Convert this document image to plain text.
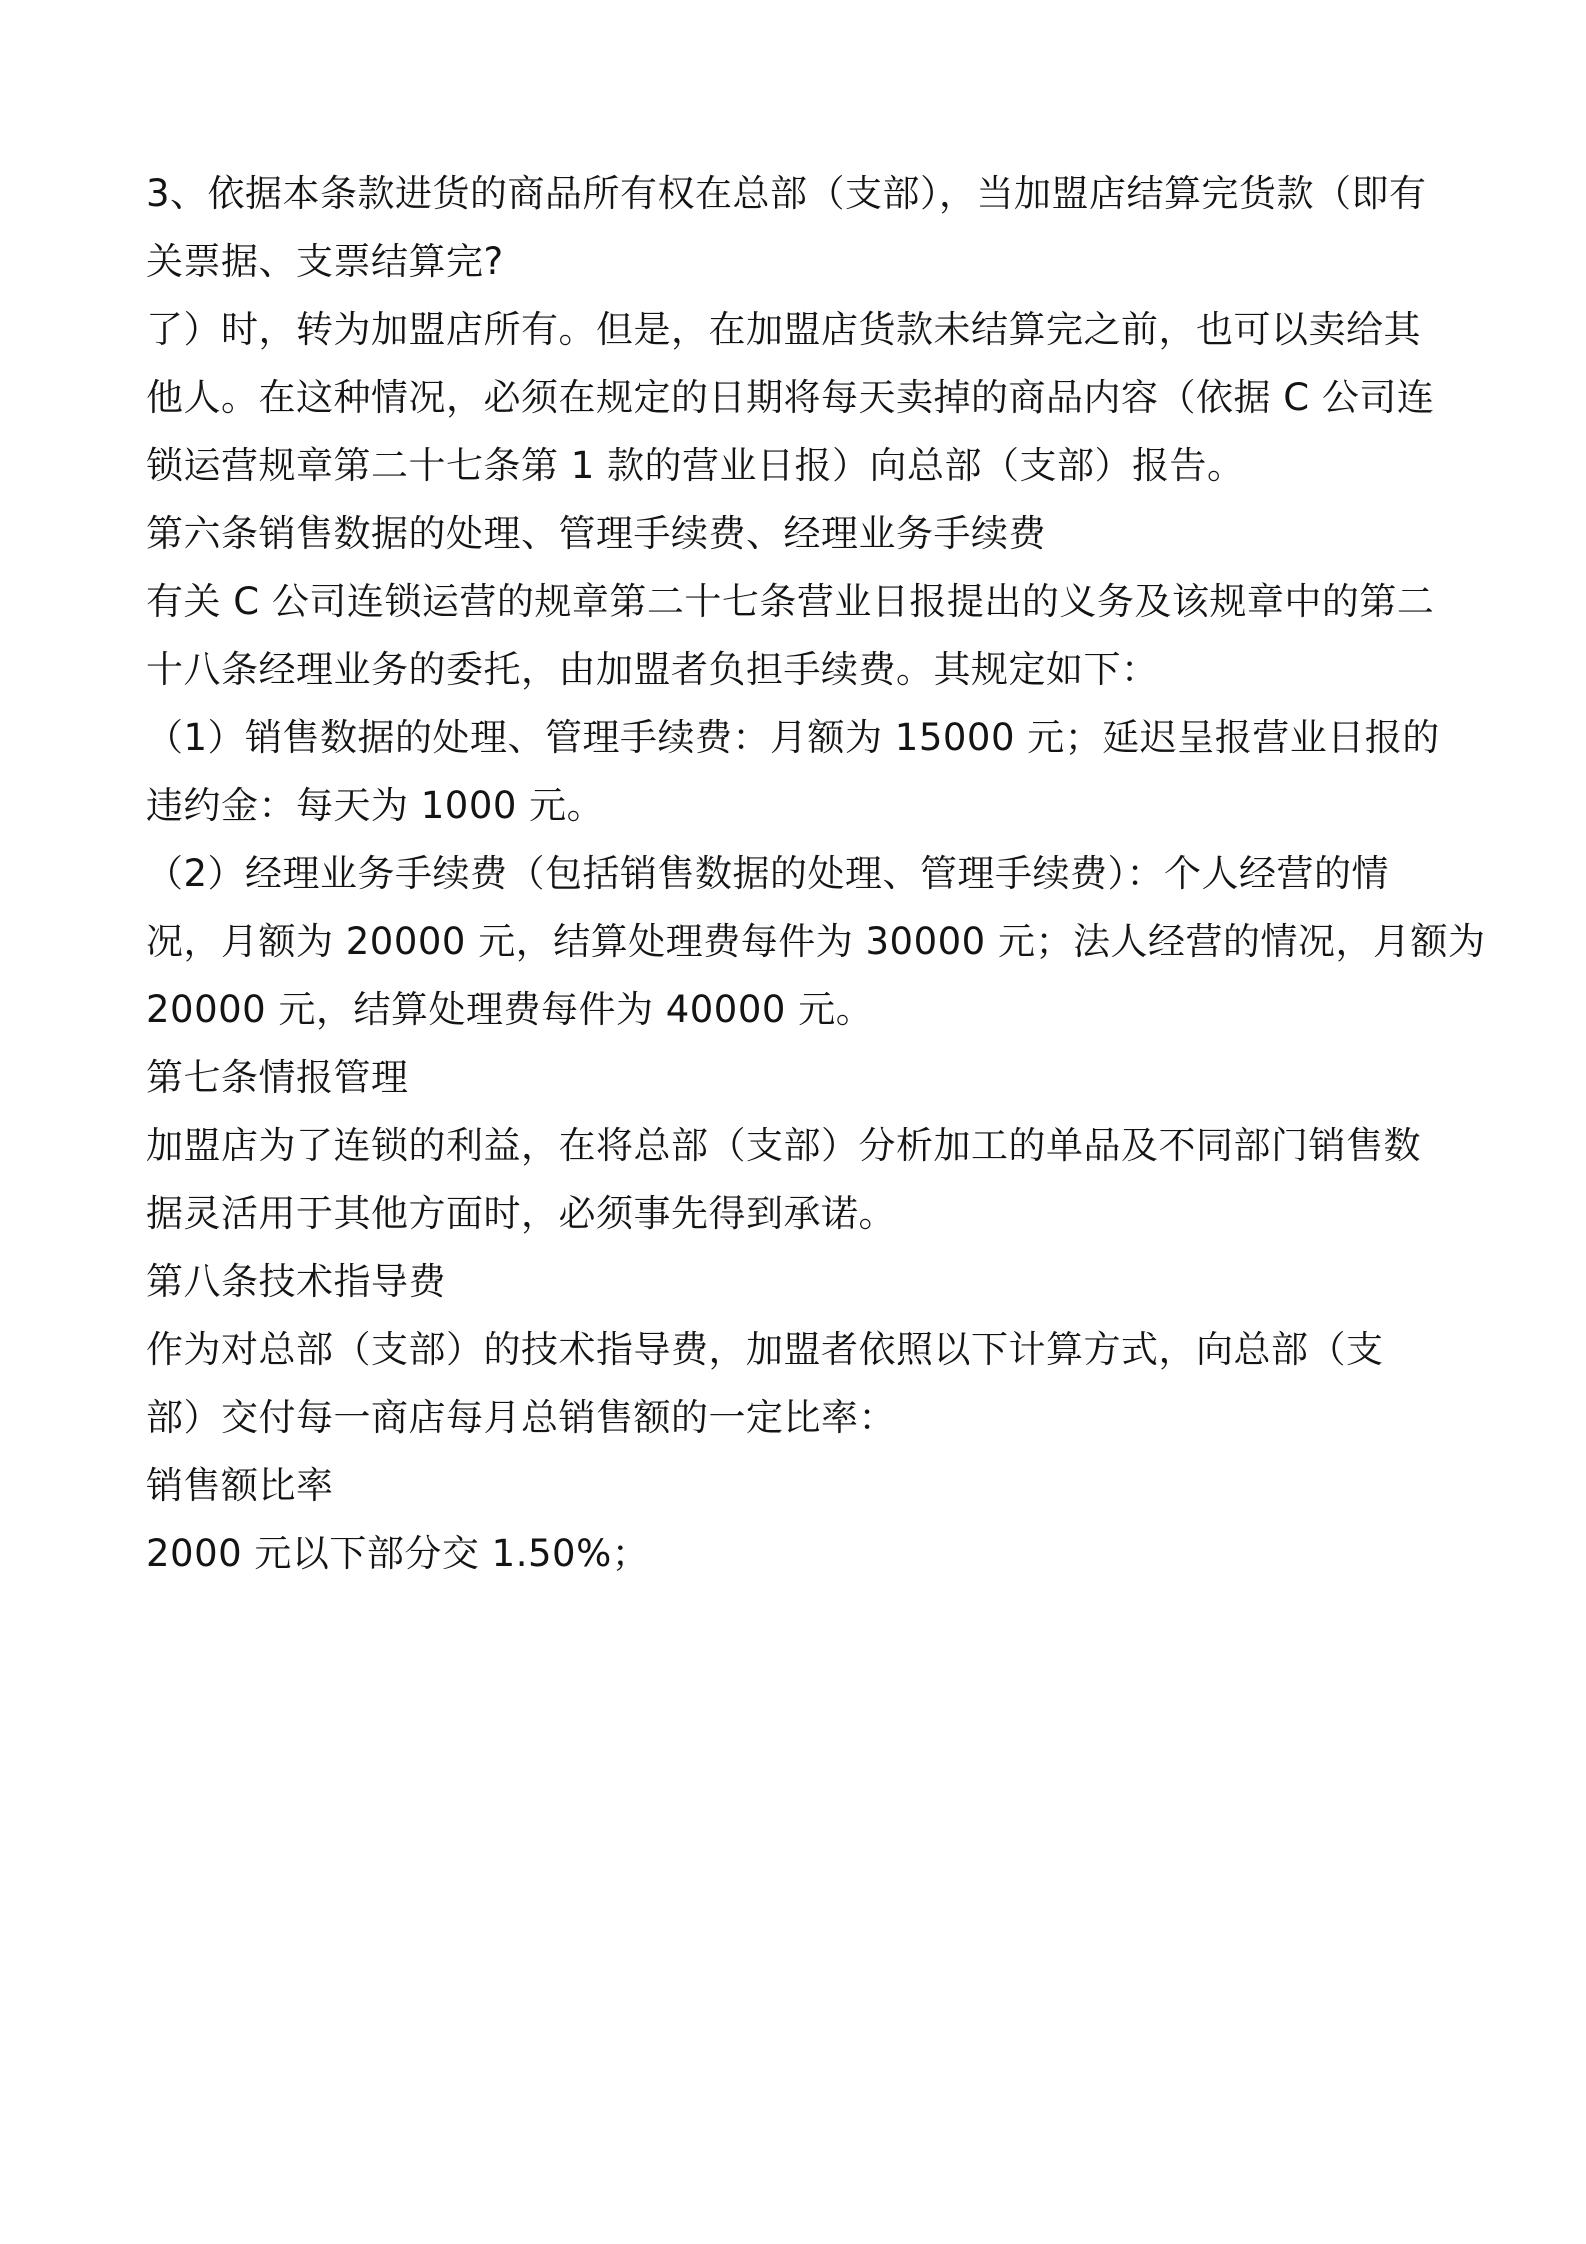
3、依据本条款进货的商品所有权在总部（支部），当加盟店结算完货款（即有
关票据、支票结算完?
了）时，转为加盟店所有。但是，在加盟店货款未结算完之前，也可以卖给其
他人。在这种情况，必须在规定的日期将每天卖掉的商品内容（依据 C 公司连
锁运营规章第二十七条第 1 款的营业日报）向总部（支部）报告。
第六条销售数据的处理、管理手续费、经理业务手续费
有关 C 公司连锁运营的规章第二十七条营业日报提出的义务及该规章中的第二
十八条经理业务的委托，由加盟者负担手续费。其规定如下：
（1）销售数据的处理、管理手续费：月额为 15000 元；延迟呈报营业日报的
违约金：每天为 1000 元。
（2）经理业务手续费（包括销售数据的处理、管理手续费）：个人经营的情
况，月额为 20000 元，结算处理费每件为 30000 元；法人经营的情况，月额为
20000 元，结算处理费每件为 40000 元。
第七条情报管理
加盟店为了连锁的利益，在将总部（支部）分析加工的单品及不同部门销售数
据灵活用于其他方面时，必须事先得到承诺。
第八条技术指导费
作为对总部（支部）的技术指导费，加盟者依照以下计算方式，向总部（支
部）交付每一商店每月总销售额的一定比率：
销售额比率
2000 元以下部分交 1.50%；
